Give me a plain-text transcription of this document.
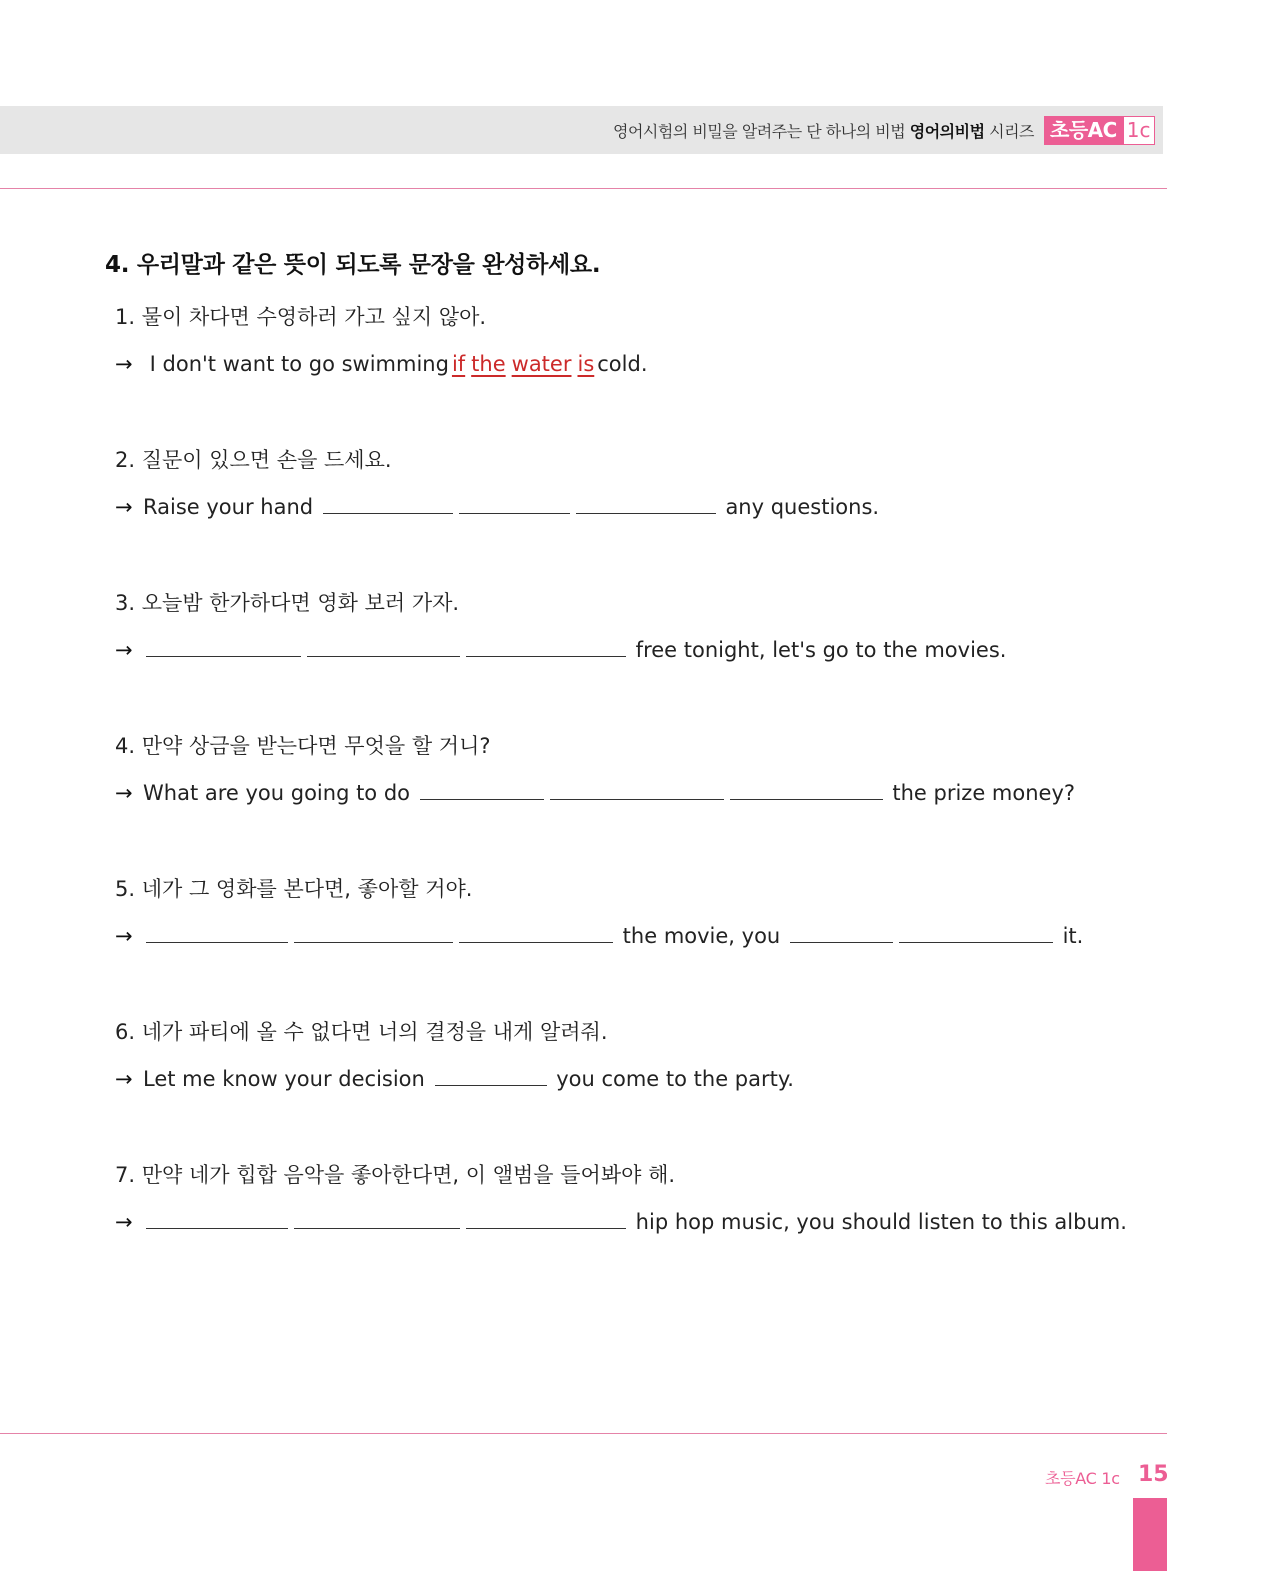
영어시험의 비밀을 알려주는 단 하나의 비법 영어의비법 시리즈 초등AC 1c
4. 우리말과 같은 뜻이 되도록 문장을 완성하세요.
1. 물이 차다면 수영하러 가고 싶지 않아.
→ I don't want to go swimming if the water is cold.
2. 질문이 있으면 손을 드세요.
→ Raise your hand	any questions.
3. 오늘밤 한가하다면 영화 보러 가자.
→	free tonight, let's go to the movies.
4. 만약 상금을 받는다면 무엇을 할 거니?
→ What are you going to do	the prize money?
5. 네가 그 영화를 본다면, 좋아할 거야.
→	the movie, you	it.
6. 네가 파티에 올 수 없다면 너의 결정을 내게 알려줘.
→ Let me know your decision	you come to the party.
7. 만약 네가 힙합 음악을 좋아한다면, 이 앨범을 들어봐야 해.
→	hip hop music, you should listen to this album.
초등AC 1c 15
